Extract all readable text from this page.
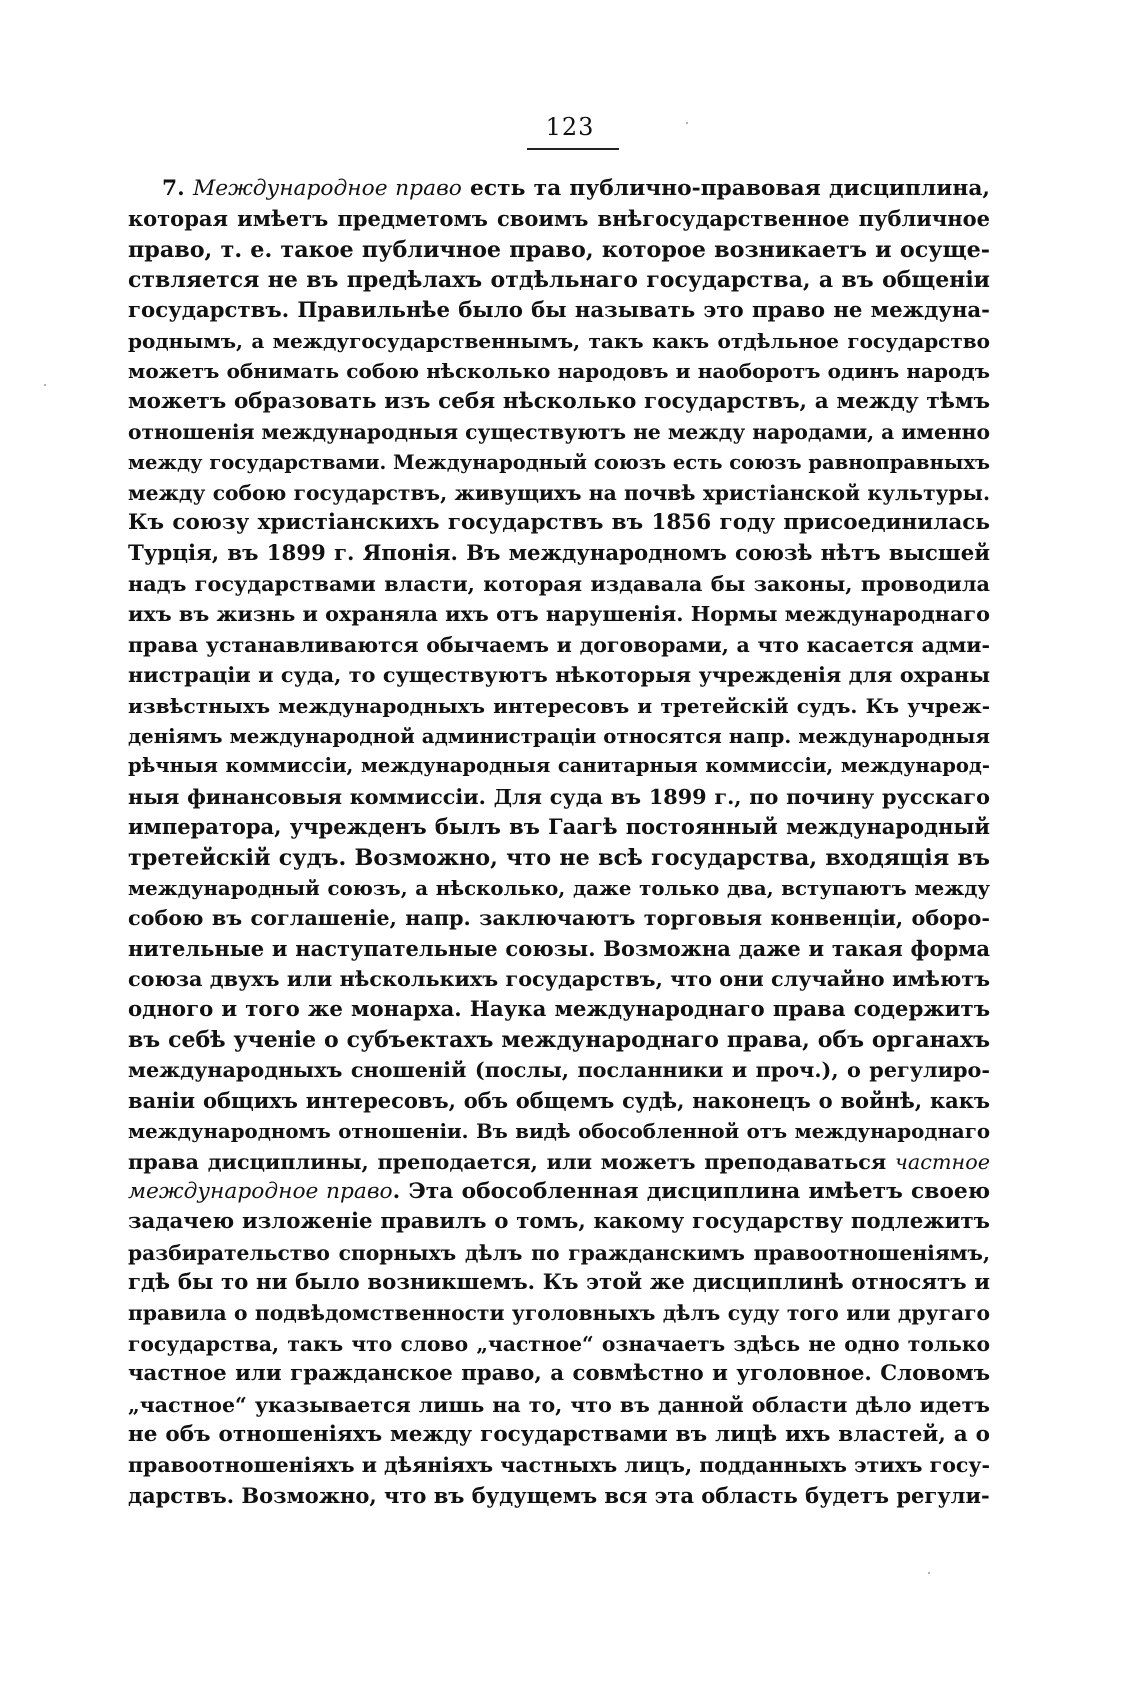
123
7. Международное право есть та публично-правовая дисциплина,
которая имѣетъ предметомъ своимъ внѣгосударственное публичное
право, т. е. такое публичное право, которое возникаетъ и осуще-
ствляется не въ предѣлахъ отдѣльнаго государства, а въ общеніи
государствъ. Правильнѣе было бы называть это право не междуна-
роднымъ, а междугосударственнымъ, такъ какъ отдѣльное государство
можетъ обнимать собою нѣсколько народовъ и наоборотъ одинъ народъ
можетъ образовать изъ себя нѣсколько государствъ, а между тѣмъ
отношенія международныя существуютъ не между народами, а именно
между государствами. Международный союзъ есть союзъ равноправныхъ
между собою государствъ, живущихъ на почвѣ христіанской культуры.
Къ союзу христіанскихъ государствъ въ 1856 году присоединилась
Турція, въ 1899 г. Японія. Въ международномъ союзѣ нѣтъ высшей
надъ государствами власти, которая издавала бы законы, проводила
ихъ въ жизнь и охраняла ихъ отъ нарушенія. Нормы международнаго
права устанавливаются обычаемъ и договорами, а что касается адми-
нистраціи и суда, то существуютъ нѣкоторыя учрежденія для охраны
извѣстныхъ международныхъ интересовъ и третейскій судъ. Къ учреж-
деніямъ международной администраціи относятся напр. международныя
рѣчныя коммиссіи, международныя санитарныя коммиссіи, международ-
ныя финансовыя коммиссіи. Для суда въ 1899 г., по почину русскаго
императора, учрежденъ былъ въ Гаагѣ постоянный международный
третейскій судъ. Возможно, что не всѣ государства, входящія въ
международный союзъ, а нѣсколько, даже только два, вступаютъ между
собою въ соглашеніе, напр. заключаютъ торговыя конвенціи, оборо-
нительные и наступательные союзы. Возможна даже и такая форма
союза двухъ или нѣсколькихъ государствъ, что они случайно имѣютъ
одного и того же монарха. Наука международнаго права содержитъ
въ себѣ ученіе о субъектахъ международнаго права, объ органахъ
международныхъ сношеній (послы, посланники и проч.), о регулиро-
ваніи общихъ интересовъ, объ общемъ судѣ, наконецъ о войнѣ, какъ
международномъ отношеніи. Въ видѣ обособленной отъ международнаго
права дисциплины, преподается, или можетъ преподаваться частное
международное право. Эта обособленная дисциплина имѣетъ своею
задачею изложеніе правилъ о томъ, какому государству подлежитъ
разбирательство спорныхъ дѣлъ по гражданскимъ правоотношеніямъ,
гдѣ бы то ни было возникшемъ. Къ этой же дисциплинѣ относятъ и
правила о подвѣдомственности уголовныхъ дѣлъ суду того или другаго
государства, такъ что слово „частное“ означаетъ здѣсь не одно только
частное или гражданское право, а совмѣстно и уголовное. Словомъ
„частное“ указывается лишь на то, что въ данной области дѣло идетъ
не объ отношеніяхъ между государствами въ лицѣ ихъ властей, а о
правоотношеніяхъ и дѣяніяхъ частныхъ лицъ, подданныхъ этихъ госу-
дарствъ. Возможно, что въ будущемъ вся эта область будетъ регули-
